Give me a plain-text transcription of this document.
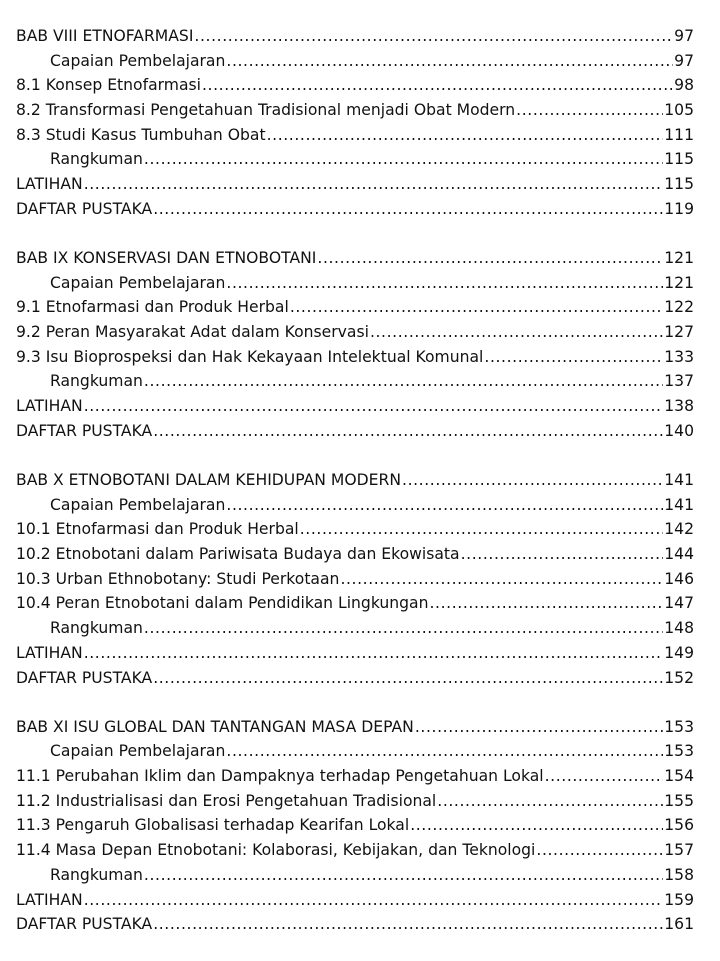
BAB VIII ETNOFARMASI .....	97
Capaian Pembelajaran .....	97
8.1 Konsep Etnofarmasi .....	98
8.2 Transformasi Pengetahuan Tradisional menjadi Obat Modern .....	105
8.3 Studi Kasus Tumbuhan Obat .....	111
Rangkuman .....	115
LATIHAN .....	115
DAFTAR PUSTAKA .....	119
BAB IX KONSERVASI DAN ETNOBOTANI .....	121
Capaian Pembelajaran .....	121
9.1 Etnofarmasi dan Produk Herbal .....	122
9.2 Peran Masyarakat Adat dalam Konservasi .....	127
9.3 Isu Bioprospeksi dan Hak Kekayaan Intelektual Komunal .....	133
Rangkuman .....	137
LATIHAN .....	138
DAFTAR PUSTAKA .....	140
BAB X ETNOBOTANI DALAM KEHIDUPAN MODERN .....	141
Capaian Pembelajaran .....	141
10.1 Etnofarmasi dan Produk Herbal .....	142
10.2 Etnobotani dalam Pariwisata Budaya dan Ekowisata .....	144
10.3 Urban Ethnobotany: Studi Perkotaan .....	146
10.4 Peran Etnobotani dalam Pendidikan Lingkungan .....	147
Rangkuman .....	148
LATIHAN .....	149
DAFTAR PUSTAKA .....	152
BAB XI ISU GLOBAL DAN TANTANGAN MASA DEPAN .....	153
Capaian Pembelajaran .....	153
11.1 Perubahan Iklim dan Dampaknya terhadap Pengetahuan Lokal .....	154
11.2 Industrialisasi dan Erosi Pengetahuan Tradisional .....	155
11.3 Pengaruh Globalisasi terhadap Kearifan Lokal .....	156
11.4 Masa Depan Etnobotani: Kolaborasi, Kebijakan, dan Teknologi .....	157
Rangkuman .....	158
LATIHAN .....	159
DAFTAR PUSTAKA .....	161
